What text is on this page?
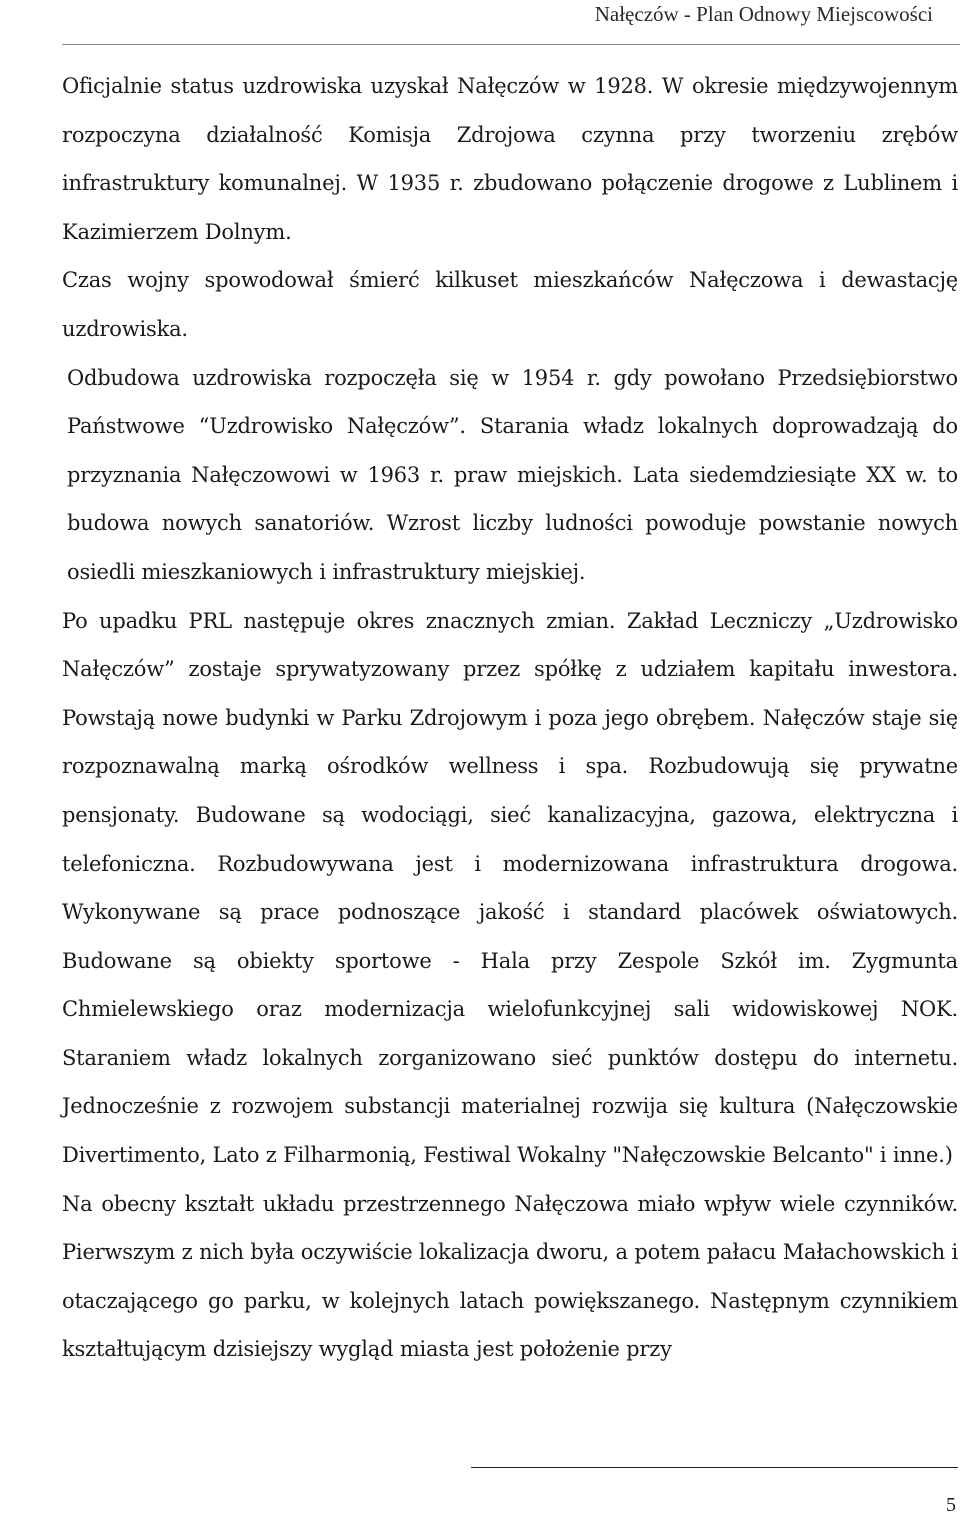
Nałęczów - Plan Odnowy Miejscowości

Oficjalnie status uzdrowiska uzyskał Nałęczów w 1928. W okresie międzywojennym rozpoczyna działalność Komisja Zdrojowa czynna przy tworzeniu zrębów infrastruktury komunalnej. W 1935 r. zbudowano połączenie drogowe z Lublinem i Kazimierzem Dolnym.

Czas wojny spowodował śmierć kilkuset mieszkańców Nałęczowa i dewastację uzdrowiska.

Odbudowa uzdrowiska rozpoczęła się w 1954 r. gdy powołano Przedsiębiorstwo Państwowe “Uzdrowisko Nałęczów”. Starania władz lokalnych doprowadzają do przyznania Nałęczowowi w 1963 r. praw miejskich. Lata siedemdziesiąte XX w. to budowa nowych sanatoriów. Wzrost liczby ludności powoduje powstanie nowych osiedli mieszkaniowych i infrastruktury miejskiej.

Po upadku PRL następuje okres znacznych zmian. Zakład Leczniczy „Uzdrowisko Nałęczów” zostaje sprywatyzowany przez spółkę z udziałem kapitału inwestora. Powstają nowe budynki w Parku Zdrojowym i poza jego obrębem. Nałęczów staje się rozpoznawalną marką ośrodków wellness i spa. Rozbudowują się prywatne pensjonaty. Budowane są wodociągi, sieć kanalizacyjna, gazowa, elektryczna i telefoniczna. Rozbudowywana jest i modernizowana infrastruktura drogowa. Wykonywane są prace podnoszące jakość i standard placówek oświatowych. Budowane są obiekty sportowe - Hala przy Zespole Szkół im. Zygmunta Chmielewskiego oraz modernizacja wielofunkcyjnej sali widowiskowej NOK. Staraniem władz lokalnych zorganizowano sieć punktów dostępu do internetu. Jednocześnie z rozwojem substancji materialnej rozwija się kultura (Nałęczowskie Divertimento, Lato z Filharmonią, Festiwal Wokalny "Nałęczowskie Belcanto" i inne.)

Na obecny kształt układu przestrzennego Nałęczowa miało wpływ wiele czynników. Pierwszym z nich była oczywiście lokalizacja dworu, a potem pałacu Małachowskich i otaczającego go parku, w kolejnych latach powiększanego. Następnym czynnikiem kształtującym dzisiejszy wygląd miasta jest położenie przy

5
